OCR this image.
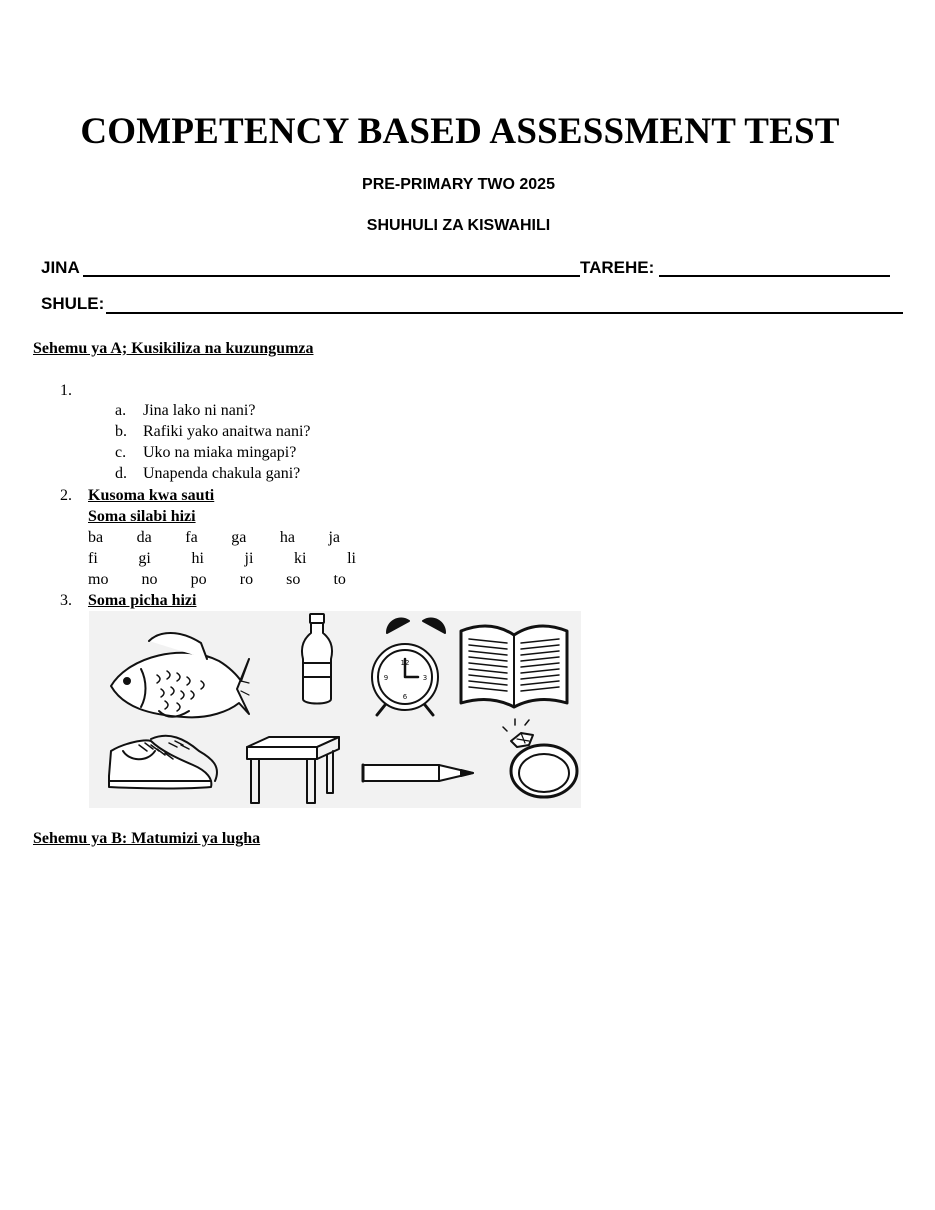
COMPETENCY BASED ASSESSMENT TEST
PRE-PRIMARY TWO 2025
SHUHULI ZA KISWAHILI
JINA	TAREHE:
SHULE:
Sehemu ya A; Kusikiliza na kuzungumza
1.
a. Jina lako ni nani?
b. Rafiki yako anaitwa nani?
c. Uko na miaka mingapi?
d. Unapenda chakula gani?
2. Kusoma kwa sauti
Soma silabi hizi
ba da fa ga ha ja
fi	gi	hi	ji	ki	li
mo no po ro so to
3. Soma picha hizi
12
3
6
9
Sehemu ya B: Matumizi ya lugha
